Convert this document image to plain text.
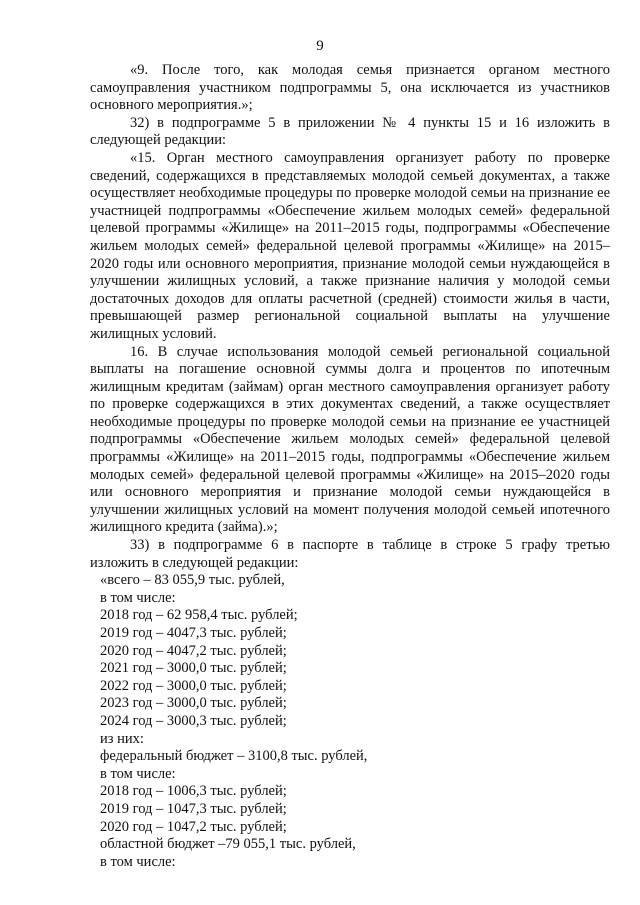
9

«9. После того, как молодая семья признается органом местного самоуправления участником подпрограммы 5, она исключается из участников основного мероприятия.»;

32) в подпрограмме 5 в приложении № 4 пункты 15 и 16 изложить в следующей редакции:

«15. Орган местного самоуправления организует работу по проверке сведений, содержащихся в представляемых молодой семьей документах, а также осуществляет необходимые процедуры по проверке молодой семьи на признание ее участницей подпрограммы «Обеспечение жильем молодых семей» федеральной целевой программы «Жилище» на 2011–2015 годы, подпрограммы «Обеспечение жильем молодых семей» федеральной целевой программы «Жилище» на 2015–2020 годы или основного мероприятия, признание молодой семьи нуждающейся в улучшении жилищных условий, а также признание наличия у молодой семьи достаточных доходов для оплаты расчетной (средней) стоимости жилья в части, превышающей размер региональной социальной выплаты на улучшение жилищных условий.

16. В случае использования молодой семьей региональной социальной выплаты на погашение основной суммы долга и процентов по ипотечным жилищным кредитам (займам) орган местного самоуправления организует работу по проверке содержащихся в этих документах сведений, а также осуществляет необходимые процедуры по проверке молодой семьи на признание ее участницей подпрограммы «Обеспечение жильем молодых семей» федеральной целевой программы «Жилище» на 2011–2015 годы, подпрограммы «Обеспечение жильем молодых семей» федеральной целевой программы «Жилище» на 2015–2020 годы или основного мероприятия и признание молодой семьи нуждающейся в улучшении жилищных условий на момент получения молодой семьей ипотечного жилищного кредита (займа).»;

33) в подпрограмме 6 в паспорте в таблице в строке 5 графу третью изложить в следующей редакции:

«всего – 83 055,9 тыс. рублей,

в том числе:

2018 год – 62 958,4 тыс. рублей;

2019 год – 4047,3 тыс. рублей;

2020 год – 4047,2 тыс. рублей;

2021 год – 3000,0 тыс. рублей;

2022 год – 3000,0 тыс. рублей;

2023 год – 3000,0 тыс. рублей;

2024 год – 3000,3 тыс. рублей;

из них:

федеральный бюджет – 3100,8 тыс. рублей,

в том числе:

2018 год – 1006,3 тыс. рублей;

2019 год – 1047,3 тыс. рублей;

2020 год – 1047,2 тыс. рублей;

областной бюджет –79 055,1 тыс. рублей,

в том числе:
